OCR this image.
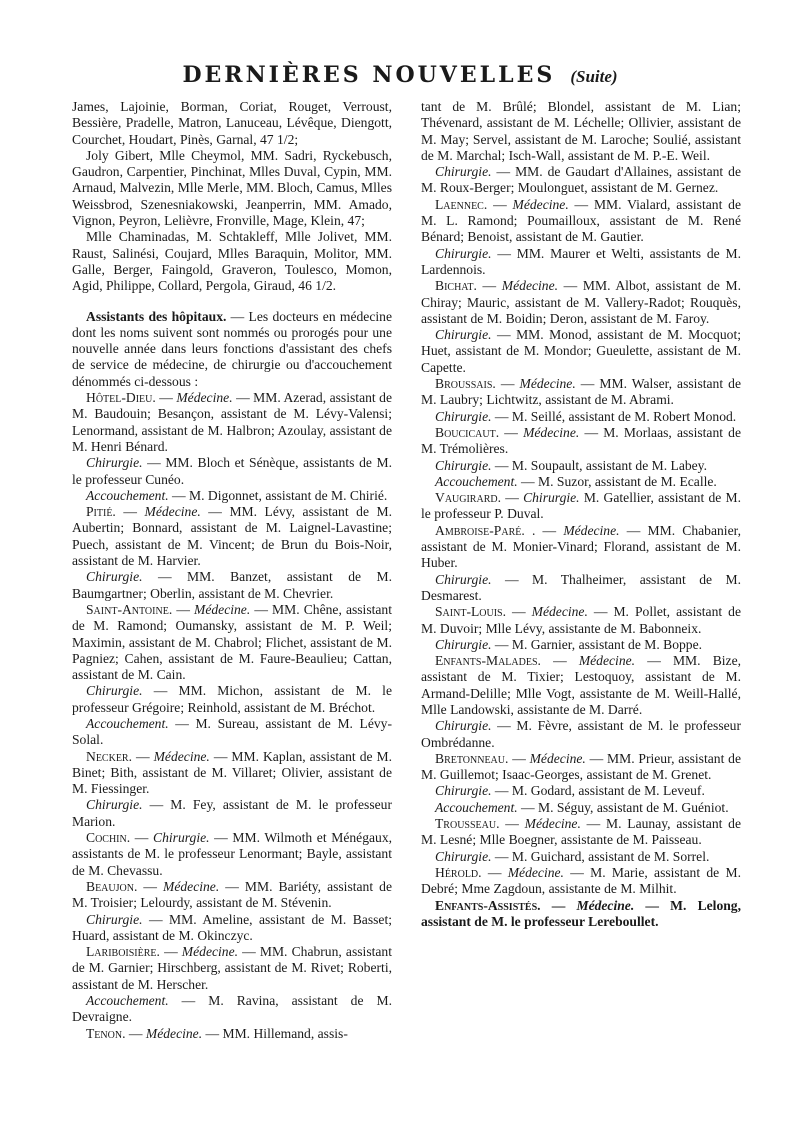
DERNIÈRES NOUVELLES (Suite)

James, Lajoinie, Borman, Coriat, Rouget, Verroust, Bessière, Pradelle, Matron, Lanuceau, Lévêque, Diengott, Courchet, Houdart, Pinès, Garnal, 47 1/2;

Joly Gibert, Mlle Cheymol, MM. Sadri, Ryckebusch, Gaudron, Carpentier, Pinchinat, Mlles Duval, Cypin, MM. Arnaud, Malvezin, Mlle Merle, MM. Bloch, Camus, Mlles Weissbrod, Szenesniakowski, Jeanperrin, MM. Amado, Vignon, Peyron, Lelièvre, Fronville, Mage, Klein, 47;

Mlle Chaminadas, M. Schtakleff, Mlle Jolivet, MM. Raust, Salinési, Coujard, Mlles Baraquin, Molitor, MM. Galle, Berger, Faingold, Graveron, Toulesco, Momon, Agid, Philippe, Collard, Pergola, Giraud, 46 1/2.

Assistants des hôpitaux. — Les docteurs en médecine dont les noms suivent sont nommés ou prorogés pour une nouvelle année dans leurs fonctions d'assistant des chefs de service de médecine, de chirurgie ou d'accouchement dénommés ci-dessous :

Hôtel-Dieu. — Médecine. — MM. Azerad, assistant de M. Baudouin; Besançon, assistant de M. Lévy-Valensi; Lenormand, assistant de M. Halbron; Azoulay, assistant de M. Henri Bénard.

Chirurgie. — MM. Bloch et Sénèque, assistants de M. le professeur Cunéo.

Accouchement. — M. Digonnet, assistant de M. Chirié.

Pitié. — Médecine. — MM. Lévy, assistant de M. Aubertin; Bonnard, assistant de M. Laignel-Lavastine; Puech, assistant de M. Vincent; de Brun du Bois-Noir, assistant de M. Harvier.

Chirurgie. — MM. Banzet, assistant de M. Baumgartner; Oberlin, assistant de M. Chevrier.

Saint-Antoine. — Médecine. — MM. Chêne, assistant de M. Ramond; Oumansky, assistant de M. P. Weil; Maximin, assistant de M. Chabrol; Flichet, assistant de M. Pagniez; Cahen, assistant de M. Faure-Beaulieu; Cattan, assistant de M. Cain.

Chirurgie. — MM. Michon, assistant de M. le professeur Grégoire; Reinhold, assistant de M. Bréchot.

Accouchement. — M. Sureau, assistant de M. Lévy-Solal.

Necker. — Médecine. — MM. Kaplan, assistant de M. Binet; Bith, assistant de M. Villaret; Olivier, assistant de M. Fiessinger.

Chirurgie. — M. Fey, assistant de M. le professeur Marion.

Cochin. — Chirurgie. — MM. Wilmoth et Ménégaux, assistants de M. le professeur Lenormant; Bayle, assistant de M. Chevassu.

Beaujon. — Médecine. — MM. Bariéty, assistant de M. Troisier; Lelourdy, assistant de M. Stévenin.

Chirurgie. — MM. Ameline, assistant de M. Basset; Huard, assistant de M. Okinczyc.

Lariboisière. — Médecine. — MM. Chabrun, assistant de M. Garnier; Hirschberg, assistant de M. Rivet; Roberti, assistant de M. Herscher.

Accouchement. — M. Ravina, assistant de M. Devraigne.

Tenon. — Médecine. — MM. Hillemand, assis-

tant de M. Brûlé; Blondel, assistant de M. Lian; Thévenard, assistant de M. Léchelle; Ollivier, assistant de M. May; Servel, assistant de M. Laroche; Soulié, assistant de M. Marchal; Isch-Wall, assistant de M. P.-E. Weil.

Chirurgie. — MM. de Gaudart d'Allaines, assistant de M. Roux-Berger; Moulonguet, assistant de M. Gernez.

Laennec. — Médecine. — MM. Vialard, assistant de M. L. Ramond; Poumailloux, assistant de M. René Bénard; Benoist, assistant de M. Gautier.

Chirurgie. — MM. Maurer et Welti, assistants de M. Lardennois.

Bichat. — Médecine. — MM. Albot, assistant de M. Chiray; Mauric, assistant de M. Vallery-Radot; Rouquès, assistant de M. Boidin; Deron, assistant de M. Faroy.

Chirurgie. — MM. Monod, assistant de M. Mocquot; Huet, assistant de M. Mondor; Gueulette, assistant de M. Capette.

Broussais. — Médecine. — MM. Walser, assistant de M. Laubry; Lichtwitz, assistant de M. Abrami.

Chirurgie. — M. Seillé, assistant de M. Robert Monod.

Boucicaut. — Médecine. — M. Morlaas, assistant de M. Trémolières.

Chirurgie. — M. Soupault, assistant de M. Labey.

Accouchement. — M. Suzor, assistant de M. Ecalle.

Vaugirard. — Chirurgie. M. Gatellier, assistant de M. le professeur P. Duval.

Ambroise-Paré. . — Médecine. — MM. Chabanier, assistant de M. Monier-Vinard; Florand, assistant de M. Huber.

Chirurgie. — M. Thalheimer, assistant de M. Desmarest.

Saint-Louis. — Médecine. — M. Pollet, assistant de M. Duvoir; Mlle Lévy, assistante de M. Babonneix.

Chirurgie. — M. Garnier, assistant de M. Boppe.

Enfants-Malades. — Médecine. — MM. Bize, assistant de M. Tixier; Lestoquoy, assistant de M. Armand-Delille; Mlle Vogt, assistante de M. Weill-Hallé, Mlle Landowski, assistante de M. Darré.

Chirurgie. — M. Fèvre, assistant de M. le professeur Ombrédanne.

Bretonneau. — Médecine. — MM. Prieur, assistant de M. Guillemot; Isaac-Georges, assistant de M. Grenet.

Chirurgie. — M. Godard, assistant de M. Leveuf.

Accouchement. — M. Séguy, assistant de M. Guéniot.

Trousseau. — Médecine. — M. Launay, assistant de M. Lesné; Mlle Boegner, assistante de M. Paisseau.

Chirurgie. — M. Guichard, assistant de M. Sorrel.

Hérold. — Médecine. — M. Marie, assistant de M. Debré; Mme Zagdoun, assistante de M. Milhit.

Enfants-Assistés. — Médecine. — M. Lelong, assistant de M. le professeur Lereboullet.
